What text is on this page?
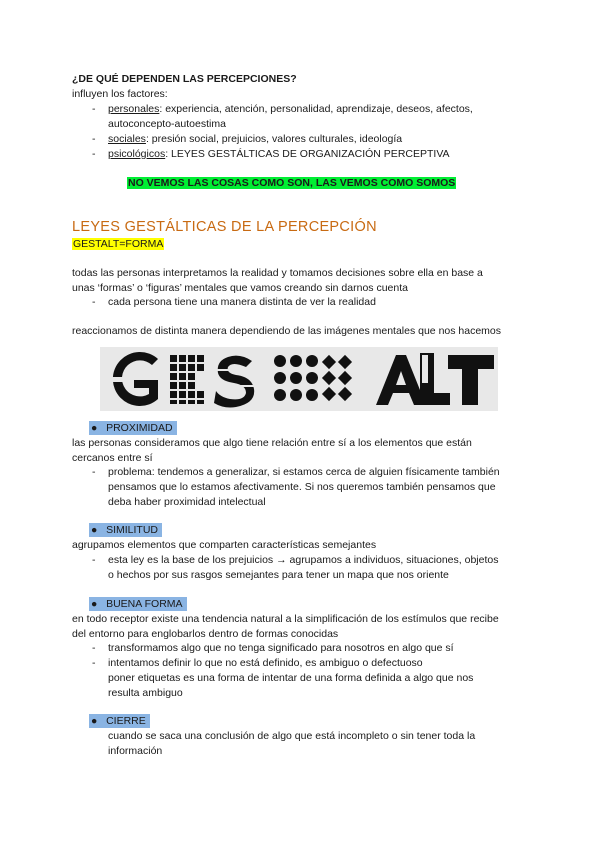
¿DE QUÉ DEPENDEN LAS PERCEPCIONES?
influyen los factores:
- personales: experiencia, atención, personalidad, aprendizaje, deseos, afectos,
autoconcepto-autoestima
- sociales: presión social, prejuicios, valores culturales, ideología
- psicológicos: LEYES GESTÁLTICAS DE ORGANIZACIÓN PERCEPTIVA
NO VEMOS LAS COSAS COMO SON, LAS VEMOS COMO SOMOS
LEYES GESTÁLTICAS DE LA PERCEPCIÓN
GESTALT=FORMA
todas las personas interpretamos la realidad y tomamos decisiones sobre ella en base a
unas ‘formas’ o ‘figuras’ mentales que vamos creando sin darnos cuenta
- cada persona tiene una manera distinta de ver la realidad
reaccionamos de distinta manera dependiendo de las imágenes mentales que nos hacemos
●   PROXIMIDAD
las personas consideramos que algo tiene relación entre sí a los elementos que están
cercanos entre sí
- problema: tendemos a generalizar, si estamos cerca de alguien físicamente también
pensamos que lo estamos afectivamente. Si nos queremos también pensamos que
deba haber proximidad intelectual
●   SIMILITUD
agrupamos elementos que comparten características semejantes
- esta ley es la base de los prejuicios → agrupamos a individuos, situaciones, objetos
o hechos por sus rasgos semejantes para tener un mapa que nos oriente
●   BUENA FORMA
en todo receptor existe una tendencia natural a la simplificación de los estímulos que recibe
del entorno para englobarlos dentro de formas conocidas
- transformamos algo que no tenga significado para nosotros en algo que sí
- intentamos definir lo que no está definido, es ambiguo o defectuoso
poner etiquetas es una forma de intentar de una forma definida a algo que nos
resulta ambiguo
●   CIERRE
cuando se saca una conclusión de algo que está incompleto o sin tener toda la
información
